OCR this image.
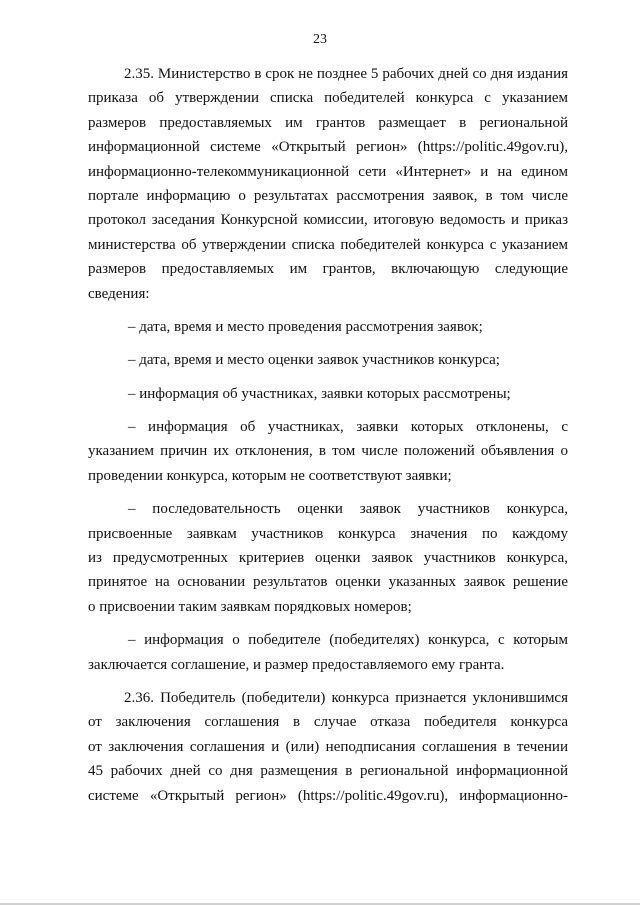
23
2.35. Министерство в срок не позднее 5 рабочих дней со дня издания
приказа об утверждении списка победителей конкурса с указанием
размеров предоставляемых им грантов размещает в региональной
информационной системе «Открытый регион» (https://politic.49gov.ru),
информационно-телекоммуникационной сети «Интернет» и на едином
портале информацию о результатах рассмотрения заявок, в том числе
протокол заседания Конкурсной комиссии, итоговую ведомость и приказ
министерства об утверждении списка победителей конкурса с указанием
размеров предоставляемых им грантов, включающую следующие
сведения:
– дата, время и место проведения рассмотрения заявок;
– дата, время и место оценки заявок участников конкурса;
– информация об участниках, заявки которых рассмотрены;
– информация об участниках, заявки которых отклонены, с
указанием причин их отклонения, в том числе положений объявления о
проведении конкурса, которым не соответствуют заявки;
– последовательность оценки заявок участников конкурса,
присвоенные заявкам участников конкурса значения по каждому
из предусмотренных критериев оценки заявок участников конкурса,
принятое на основании результатов оценки указанных заявок решение
о присвоении таким заявкам порядковых номеров;
– информация о победителе (победителях) конкурса, с которым
заключается соглашение, и размер предоставляемого ему гранта.
2.36. Победитель (победители) конкурса признается уклонившимся
от заключения соглашения в случае отказа победителя конкурса
от заключения соглашения и (или) неподписания соглашения в течении
45 рабочих дней со дня размещения в региональной информационной
системе «Открытый регион» (https://politic.49gov.ru), информационно-
